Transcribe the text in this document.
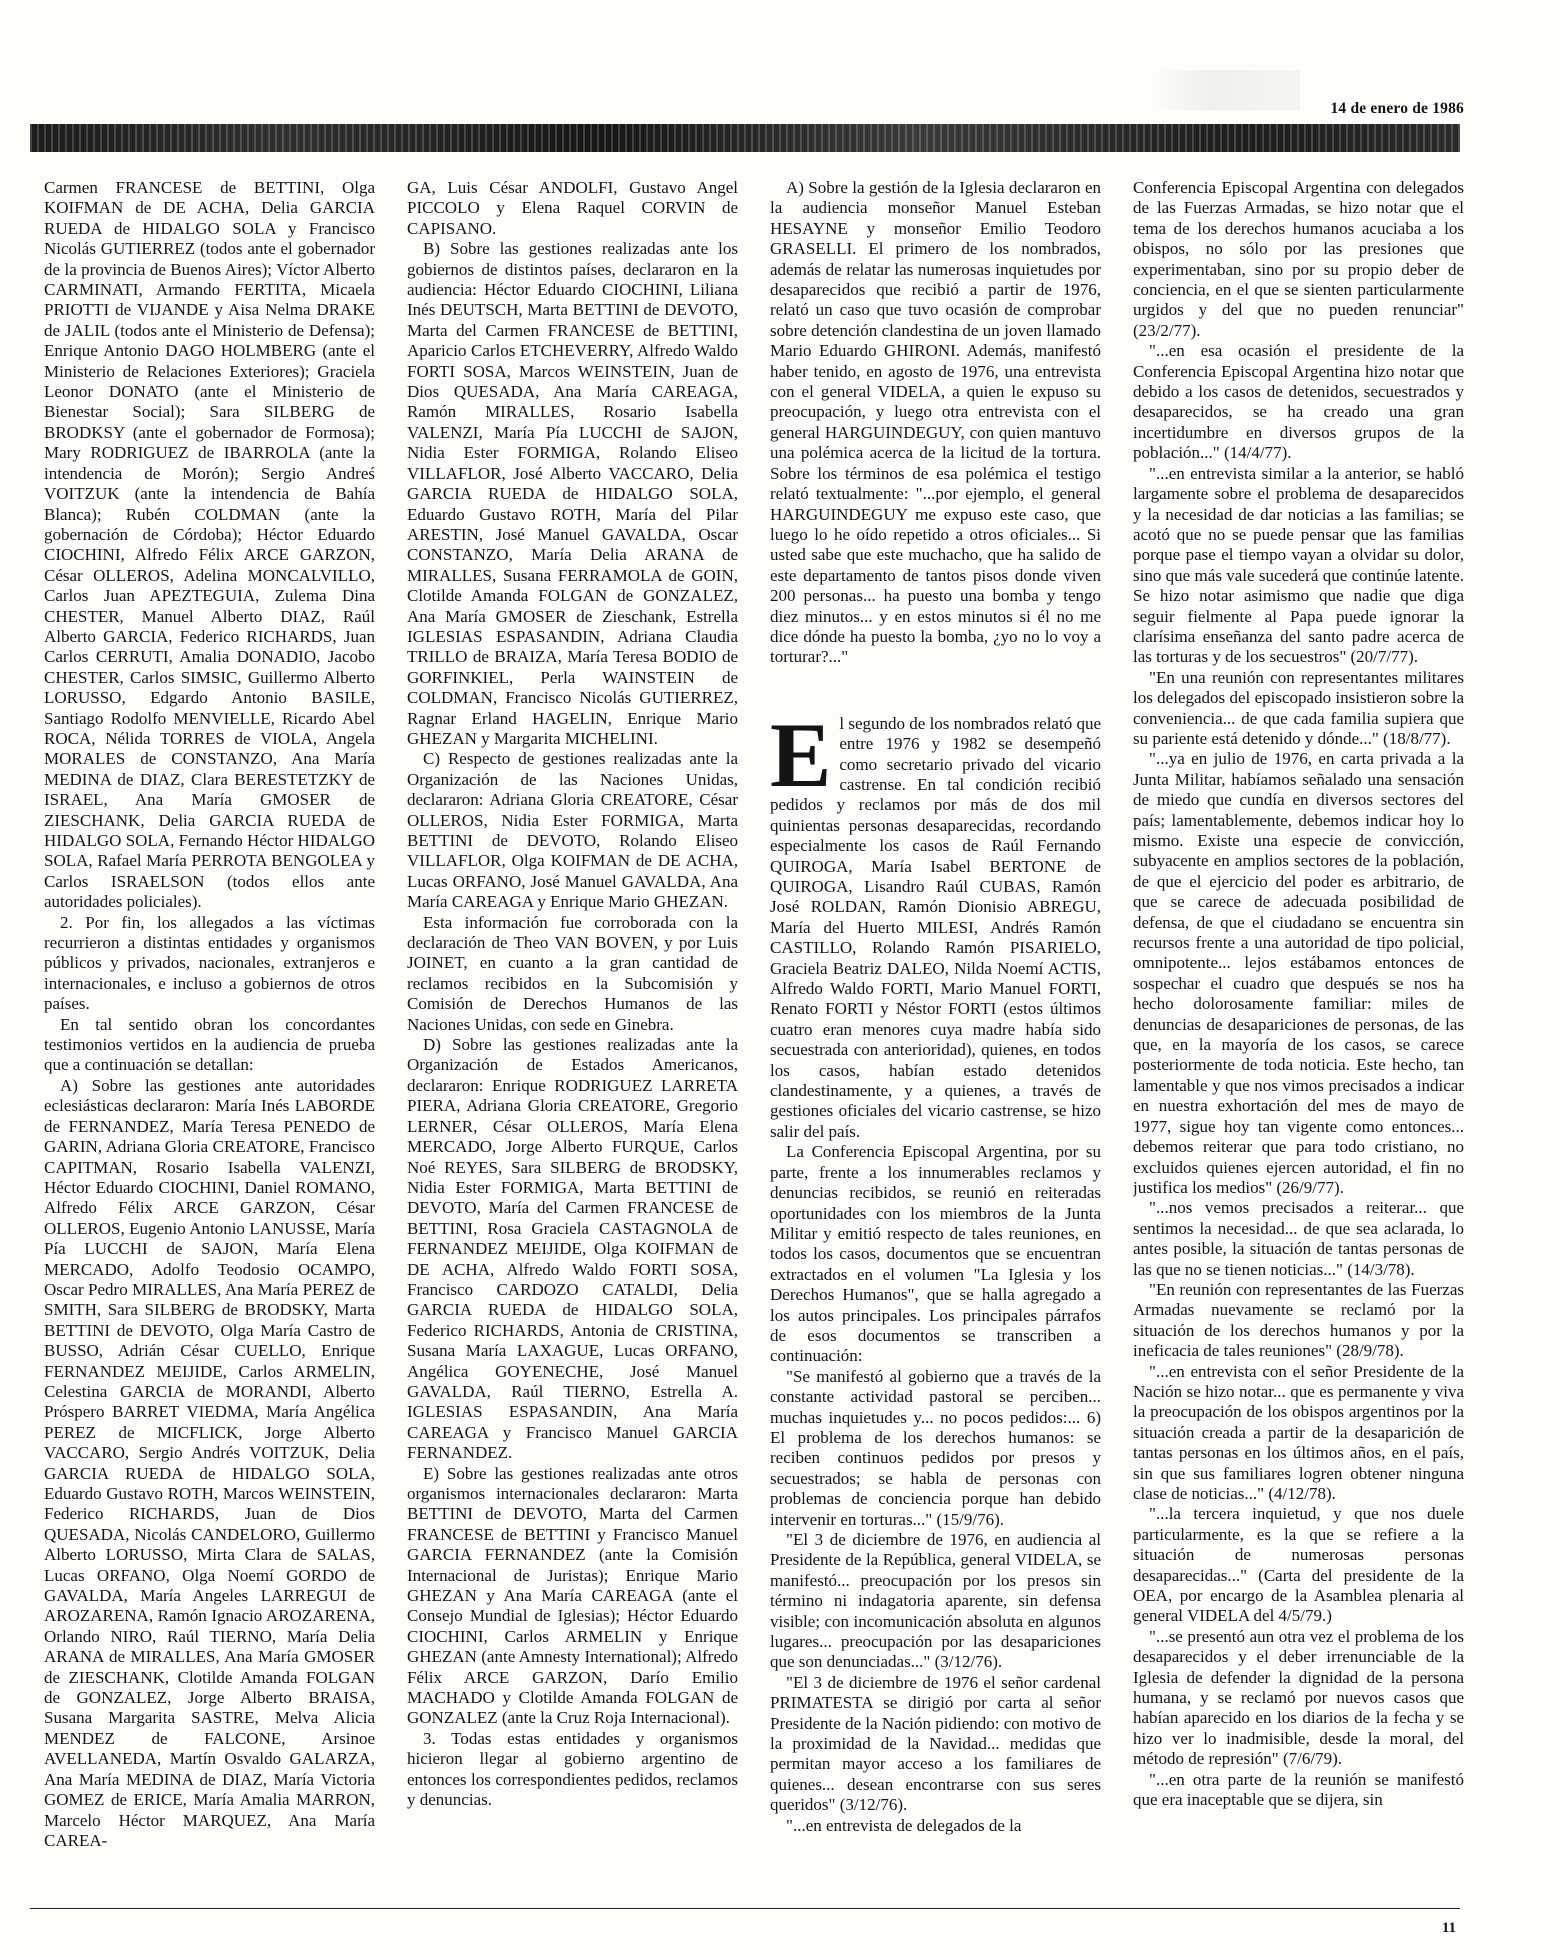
14 de enero de 1986

Carmen FRANCESE de BETTINI, Olga KOIFMAN de DE ACHA, Delia GARCIA RUEDA de HIDALGO SOLA y Francisco Nicolás GUTIERREZ (todos ante el gobernador de la provincia de Buenos Aires); Víctor Alberto CARMINATI, Armando FERTITA, Micaela PRIOTTI de VIJANDE y Aisa Nelma DRAKE de JALIL (todos ante el Ministerio de Defensa); Enrique Antonio DAGO HOLMBERG (ante el Ministerio de Relaciones Exteriores); Graciela Leonor DONATO (ante el Ministerio de Bienestar Social); Sara SILBERG de BRODKSY (ante el gobernador de Formosa); Mary RODRIGUEZ de IBARROLA (ante la intendencia de Morón); Sergio Andreś VOITZUK (ante la intendencia de Bahía Blanca); Rubén COLDMAN (ante la gobernación de Córdoba); Héctor Eduardo CIOCHINI, Alfredo Félix ARCE GARZON, César OLLEROS, Adelina MONCALVILLO, Carlos Juan APEZTEGUIA, Zulema Dina CHESTER, Manuel Alberto DIAZ, Raúl Alberto GARCIA, Federico RICHARDS, Juan Carlos CERRUTI, Amalia DONADIO, Jacobo CHESTER, Carlos SIMSIC, Guillermo Alberto LORUSSO, Edgardo Antonio BASILE, Santiago Rodolfo MENVIELLE, Ricardo Abel ROCA, Nélida TORRES de VIOLA, Angela MORALES de CONSTANZO, Ana María MEDINA de DIAZ, Clara BERESTETZKY de ISRAEL, Ana María GMOSER de ZIESCHANK, Delia GARCIA RUEDA de HIDALGO SOLA, Fernando Héctor HIDALGO SOLA, Rafael María PERROTA BENGOLEA y Carlos ISRAELSON (todos ellos ante autoridades policiales).

2. Por fin, los allegados a las víctimas recurrieron a distintas entidades y organismos públicos y privados, nacionales, extranjeros e internacionales, e incluso a gobiernos de otros países.

En tal sentido obran los concordantes testimonios vertidos en la audiencia de prueba que a continuación se detallan:

A) Sobre las gestiones ante autoridades eclesiásticas declararon: María Inés LABORDE de FERNANDEZ, María Teresa PENEDO de GARIN, Adriana Gloria CREATORE, Francisco CAPITMAN, Rosario Isabella VALENZI, Héctor Eduardo CIOCHINI, Daniel ROMANO, Alfredo Félix ARCE GARZON, César OLLEROS, Eugenio Antonio LANUSSE, María Pía LUCCHI de SAJON, María Elena MERCADO, Adolfo Teodosio OCAMPO, Oscar Pedro MIRALLES, Ana María PEREZ de SMITH, Sara SILBERG de BRODSKY, Marta BETTINI de DEVOTO, Olga María Castro de BUSSO, Adrián César CUELLO, Enrique FERNANDEZ MEIJIDE, Carlos ARMELIN, Celestina GARCIA de MORANDI, Alberto Próspero BARRET VIEDMA, María Angélica PEREZ de MICFLICK, Jorge Alberto VACCARO, Sergio Andrés VOITZUK, Delia GARCIA RUEDA de HIDALGO SOLA, Eduardo Gustavo ROTH, Marcos WEINSTEIN, Federico RICHARDS, Juan de Dios QUESADA, Nicolás CANDELORO, Guillermo Alberto LORUSSO, Mirta Clara de SALAS, Lucas ORFANO, Olga Noemí GORDO de GAVALDA, María Angeles LARREGUI de AROZARENA, Ramón Ignacio AROZARENA, Orlando NIRO, Raúl TIERNO, María Delia ARANA de MIRALLES, Ana María GMOSER de ZIESCHANK, Clotilde Amanda FOLGAN de GONZALEZ, Jorge Alberto BRAISA, Susana Margarita SASTRE, Melva Alicia MENDEZ de FALCONE, Arsinoe AVELLANEDA, Martín Osvaldo GALARZA, Ana María MEDINA de DIAZ, María Victoria GOMEZ de ERICE, María Amalia MARRON, Marcelo Héctor MARQUEZ, Ana María CAREA-

GA, Luis César ANDOLFI, Gustavo Angel PICCOLO y Elena Raquel CORVIN de CAPISANO.

B) Sobre las gestiones realizadas ante los gobiernos de distintos países, declararon en la audiencia: Héctor Eduardo CIOCHINI, Liliana Inés DEUTSCH, Marta BETTINI de DEVOTO, Marta del Carmen FRANCESE de BETTINI, Aparicio Carlos ETCHEVERRY, Alfredo Waldo FORTI SOSA, Marcos WEINSTEIN, Juan de Dios QUESADA, Ana María CAREAGA, Ramón MIRALLES, Rosario Isabella VALENZI, María Pía LUCCHI de SAJON, Nidia Ester FORMIGA, Rolando Eliseo VILLAFLOR, José Alberto VACCARO, Delia GARCIA RUEDA de HIDALGO SOLA, Eduardo Gustavo ROTH, María del Pilar ARESTIN, José Manuel GAVALDA, Oscar CONSTANZO, María Delia ARANA de MIRALLES, Susana FERRAMOLA de GOIN, Clotilde Amanda FOLGAN de GONZALEZ, Ana María GMOSER de Zieschank, Estrella IGLESIAS ESPASANDIN, Adriana Claudia TRILLO de BRAIZA, María Teresa BODIO de GORFINKIEL, Perla WAINSTEIN de COLDMAN, Francisco Nicolás GUTIERREZ, Ragnar Erland HAGELIN, Enrique Mario GHEZAN y Margarita MICHELINI.

C) Respecto de gestiones realizadas ante la Organización de las Naciones Unidas, declararon: Adriana Gloria CREATORE, César OLLEROS, Nidia Ester FORMIGA, Marta BETTINI de DEVOTO, Rolando Eliseo VILLAFLOR, Olga KOIFMAN de DE ACHA, Lucas ORFANO, José Manuel GAVALDA, Ana María CAREAGA y Enrique Mario GHEZAN.

Esta información fue corroborada con la declaración de Theo VAN BOVEN, y por Luis JOINET, en cuanto a la gran cantidad de reclamos recibidos en la Subcomisión y Comisión de Derechos Humanos de las Naciones Unidas, con sede en Ginebra.

D) Sobre las gestiones realizadas ante la Organización de Estados Americanos, declararon: Enrique RODRIGUEZ LARRETA PIERA, Adriana Gloria CREATORE, Gregorio LERNER, César OLLEROS, María Elena MERCADO, Jorge Alberto FURQUE, Carlos Noé REYES, Sara SILBERG de BRODSKY, Nidia Ester FORMIGA, Marta BETTINI de DEVOTO, María del Carmen FRANCESE de BETTINI, Rosa Graciela CASTAGNOLA de FERNANDEZ MEIJIDE, Olga KOIFMAN de DE ACHA, Alfredo Waldo FORTI SOSA, Francisco CARDOZO CATALDI, Delia GARCIA RUEDA de HIDALGO SOLA, Federico RICHARDS, Antonia de CRISTINA, Susana María LAXAGUE, Lucas ORFANO, Angélica GOYENECHE, José Manuel GAVALDA, Raúl TIERNO, Estrella A. IGLESIAS ESPASANDIN, Ana María CAREAGA y Francisco Manuel GARCIA FERNANDEZ.

E) Sobre las gestiones realizadas ante otros organismos internacionales declararon: Marta BETTINI de DEVOTO, Marta del Carmen FRANCESE de BETTINI y Francisco Manuel GARCIA FERNANDEZ (ante la Comisión Internacional de Juristas); Enrique Mario GHEZAN y Ana María CAREAGA (ante el Consejo Mundial de Iglesias); Héctor Eduardo CIOCHINI, Carlos ARMELIN y Enrique GHEZAN (ante Amnesty International); Alfredo Félix ARCE GARZON, Darío Emilio MACHADO y Clotilde Amanda FOLGAN de GONZALEZ (ante la Cruz Roja Internacional).

3. Todas estas entidades y organismos hicieron llegar al gobierno argentino de entonces los correspondientes pedidos, reclamos y denuncias.

A) Sobre la gestión de la Iglesia declararon en la audiencia monseñor Manuel Esteban HESAYNE y monseñor Emilio Teodoro GRASELLI. El primero de los nombrados, además de relatar las numerosas inquietudes por desaparecidos que recibió a partir de 1976, relató un caso que tuvo ocasión de comprobar sobre detención clandestina de un joven llamado Mario Eduardo GHIRONI. Además, manifestó haber tenido, en agosto de 1976, una entrevista con el general VIDELA, a quien le expuso su preocupación, y luego otra entrevista con el general HARGUINDEGUY, con quien mantuvo una polémica acerca de la licitud de la tortura. Sobre los términos de esa polémica el testigo relató textualmente: "...por ejemplo, el general HARGUINDEGUY me expuso este caso, que luego lo he oído repetido a otros oficiales... Si usted sabe que este muchacho, que ha salido de este departamento de tantos pisos donde viven 200 personas... ha puesto una bomba y tengo diez minutos... y en estos minutos si él no me dice dónde ha puesto la bomba, ¿yo no lo voy a torturar?..."

El segundo de los nombrados relató que entre 1976 y 1982 se desempeñó como secretario privado del vicario castrense. En tal condición recibió pedidos y reclamos por más de dos mil quinientas personas desaparecidas, recordando especialmente los casos de Raúl Fernando QUIROGA, María Isabel BERTONE de QUIROGA, Lisandro Raúl CUBAS, Ramón José ROLDAN, Ramón Dionisio ABREGU, María del Huerto MILESI, Andrés Ramón CASTILLO, Rolando Ramón PISARIELO, Graciela Beatriz DALEO, Nilda Noemí ACTIS, Alfredo Waldo FORTI, Mario Manuel FORTI, Renato FORTI y Néstor FORTI (estos últimos cuatro eran menores cuya madre había sido secuestrada con anterioridad), quienes, en todos los casos, habían estado detenidos clandestinamente, y a quienes, a través de gestiones oficiales del vicario castrense, se hizo salir del país.

La Conferencia Episcopal Argentina, por su parte, frente a los innumerables reclamos y denuncias recibidos, se reunió en reiteradas oportunidades con los miembros de la Junta Militar y emitió respecto de tales reuniones, en todos los casos, documentos que se encuentran extractados en el volumen "La Iglesia y los Derechos Humanos", que se halla agregado a los autos principales. Los principales párrafos de esos documentos se transcriben a continuación:

"Se manifestó al gobierno que a través de la constante actividad pastoral se perciben... muchas inquietudes y... no pocos pedidos:... 6) El problema de los derechos humanos: se reciben continuos pedidos por presos y secuestrados; se habla de personas con problemas de conciencia porque han debido intervenir en torturas..." (15/9/76).

"El 3 de diciembre de 1976, en audiencia al Presidente de la República, general VIDELA, se manifestó... preocupación por los presos sin término ni indagatoria aparente, sin defensa visible; con incomunicación absoluta en algunos lugares... preocupación por las desapariciones que son denunciadas..." (3/12/76).

"El 3 de diciembre de 1976 el señor cardenal PRIMATESTA se dirigió por carta al señor Presidente de la Nación pidiendo: con motivo de la proximidad de la Navidad... medidas que permitan mayor acceso a los familiares de quienes... desean encontrarse con sus seres queridos" (3/12/76).

"...en entrevista de delegados de la

Conferencia Episcopal Argentina con delegados de las Fuerzas Armadas, se hizo notar que el tema de los derechos humanos acuciaba a los obispos, no sólo por las presiones que experimentaban, sino por su propio deber de conciencia, en el que se sienten particularmente urgidos y del que no pueden renunciar" (23/2/77).

"...en esa ocasión el presidente de la Conferencia Episcopal Argentina hizo notar que debido a los casos de detenidos, secuestrados y desaparecidos, se ha creado una gran incertidumbre en diversos grupos de la población..." (14/4/77).

"...en entrevista similar a la anterior, se habló largamente sobre el problema de desaparecidos y la necesidad de dar noticias a las familias; se acotó que no se puede pensar que las familias porque pase el tiempo vayan a olvidar su dolor, sino que más vale sucederá que continúe latente. Se hizo notar asimismo que nadie que diga seguir fielmente al Papa puede ignorar la clarísima enseñanza del santo padre acerca de las torturas y de los secuestros" (20/7/77).

"En una reunión con representantes militares los delegados del episcopado insistieron sobre la conveniencia... de que cada familia supiera que su pariente está detenido y dónde..." (18/8/77).

"...ya en julio de 1976, en carta privada a la Junta Militar, habíamos señalado una sensación de miedo que cundía en diversos sectores del país; lamentablemente, debemos indicar hoy lo mismo. Existe una especie de convicción, subyacente en amplios sectores de la población, de que el ejercicio del poder es arbitrario, de que se carece de adecuada posibilidad de defensa, de que el ciudadano se encuentra sin recursos frente a una autoridad de tipo policial, omnipotente... lejos estábamos entonces de sospechar el cuadro que después se nos ha hecho dolorosamente familiar: miles de denuncias de desapariciones de personas, de las que, en la mayoría de los casos, se carece posteriormente de toda noticia. Este hecho, tan lamentable y que nos vimos precisados a indicar en nuestra exhortación del mes de mayo de 1977, sigue hoy tan vigente como entonces... debemos reiterar que para todo cristiano, no excluidos quienes ejercen autoridad, el fin no justifica los medios" (26/9/77).

"...nos vemos precisados a reiterar... que sentimos la necesidad... de que sea aclarada, lo antes posible, la situación de tantas personas de las que no se tienen noticias..." (14/3/78).

"En reunión con representantes de las Fuerzas Armadas nuevamente se reclamó por la situación de los derechos humanos y por la ineficacia de tales reuniones" (28/9/78).

"...en entrevista con el señor Presidente de la Nación se hizo notar... que es permanente y viva la preocupación de los obispos argentinos por la situación creada a partir de la desaparición de tantas personas en los últimos años, en el país, sin que sus familiares logren obtener ninguna clase de noticias..." (4/12/78).

"...la tercera inquietud, y que nos duele particularmente, es la que se refiere a la situación de numerosas personas desaparecidas..." (Carta del presidente de la OEA, por encargo de la Asamblea plenaria al general VIDELA del 4/5/79.)

"...se presentó aun otra vez el problema de los desaparecidos y el deber irrenunciable de la Iglesia de defender la dignidad de la persona humana, y se reclamó por nuevos casos que habían aparecido en los diarios de la fecha y se hizo ver lo inadmisible, desde la moral, del método de represión" (7/6/79).

"...en otra parte de la reunión se manifestó que era inaceptable que se dijera, sin

11
